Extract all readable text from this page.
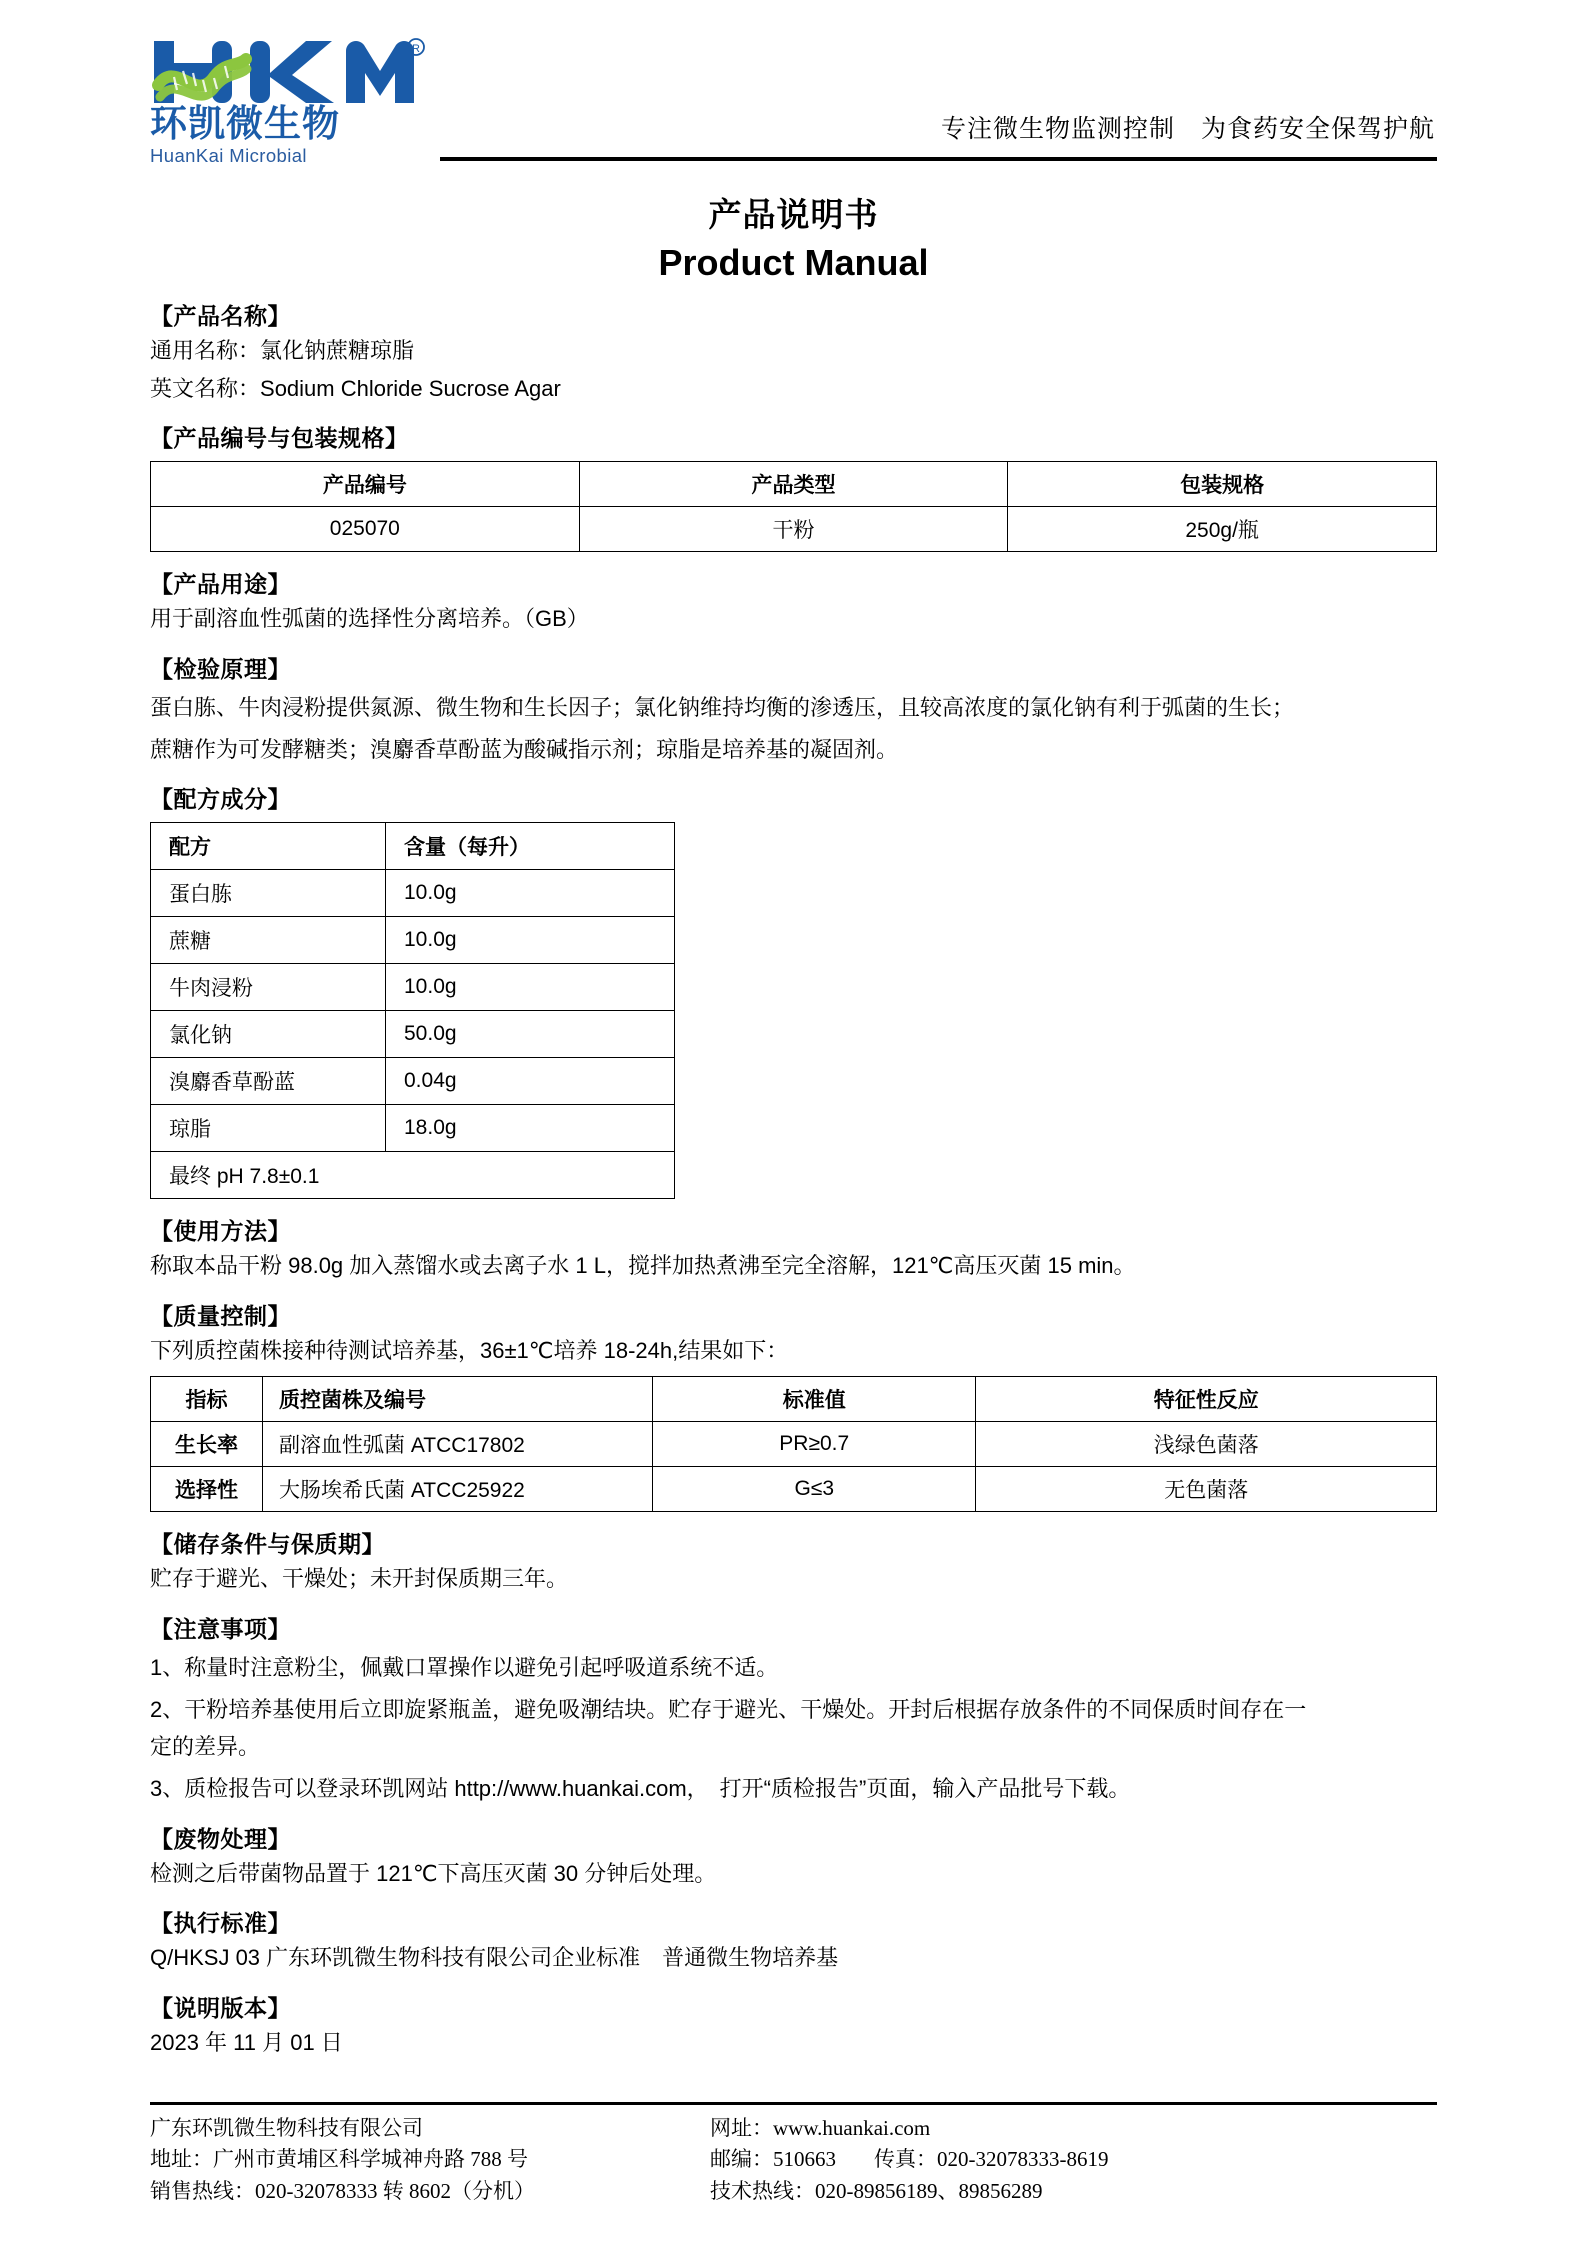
R
环凯微生物
HuanKai Microbial
专注微生物监测控制　为食药安全保驾护航
产品说明书
Product Manual
【产品名称】
通用名称：氯化钠蔗糖琼脂
英文名称：Sodium Chloride Sucrose Agar
【产品编号与包装规格】
产品编号	产品类型	包装规格
025070	干粉	250g/瓶
【产品用途】
用于副溶血性弧菌的选择性分离培养。（GB）
【检验原理】
蛋白胨、牛肉浸粉提供氮源、微生物和生长因子；氯化钠维持均衡的渗透压，且较高浓度的氯化钠有利于弧菌的生长；
蔗糖作为可发酵糖类；溴麝香草酚蓝为酸碱指示剂；琼脂是培养基的凝固剂。
【配方成分】
配方	含量（每升）
蛋白胨	10.0g
蔗糖	10.0g
牛肉浸粉	10.0g
氯化钠	50.0g
溴麝香草酚蓝	0.04g
琼脂	18.0g
最终 pH 7.8±0.1	
【使用方法】
称取本品干粉 98.0g 加入蒸馏水或去离子水 1 L，搅拌加热煮沸至完全溶解，121℃高压灭菌 15 min。
【质量控制】
下列质控菌株接种待测试培养基，36±1℃培养 18-24h,结果如下：
指标	质控菌株及编号	标准值	特征性反应
生长率	副溶血性弧菌 ATCC17802	PR≥0.7	浅绿色菌落
选择性	大肠埃希氏菌 ATCC25922	G≤3	无色菌落
【储存条件与保质期】
贮存于避光、干燥处；未开封保质期三年。
【注意事项】
1、称量时注意粉尘，佩戴口罩操作以避免引起呼吸道系统不适。
2、干粉培养基使用后立即旋紧瓶盖，避免吸潮结块。贮存于避光、干燥处。开封后根据存放条件的不同保质时间存在一
定的差异。
3、质检报告可以登录环凯网站 http://www.huankai.com，　打开“质检报告”页面，输入产品批号下载。
【废物处理】
检测之后带菌物品置于 121℃下高压灭菌 30 分钟后处理。
【执行标准】
Q/HKSJ 03 广东环凯微生物科技有限公司企业标准　普通微生物培养基
【说明版本】
2023 年 11 月 01 日
广东环凯微生物科技有限公司
地址：广州市黄埔区科学城神舟路 788 号
销售热线：020-32078333 转 8602（分机）
网址：www.huankai.com
邮编：510663 传真：020-32078333-8619
技术热线：020-89856189、89856289
